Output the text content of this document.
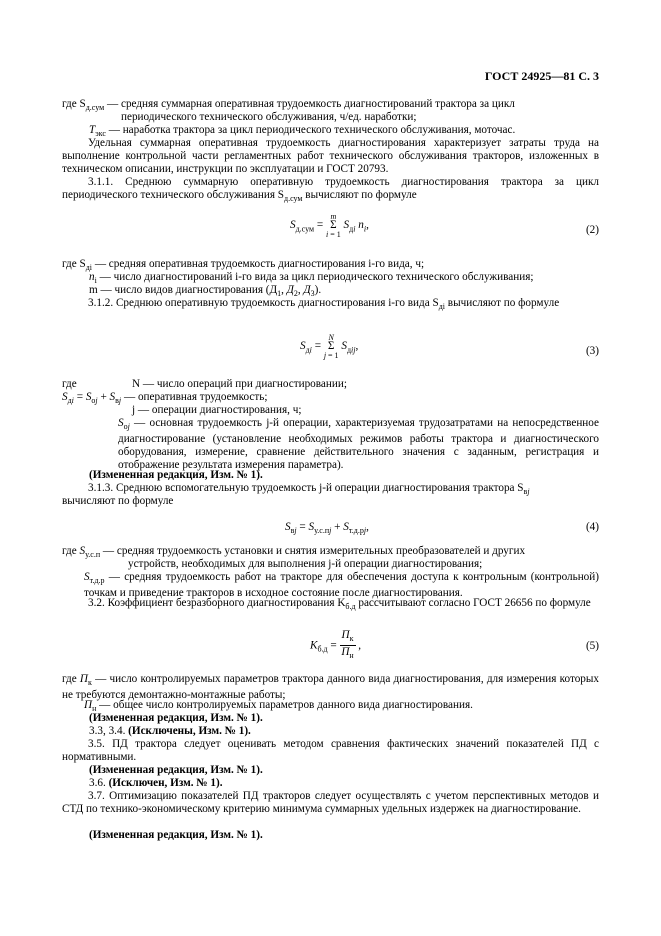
ГОСТ 24925—81 С. 3
где $S_{д.сум}$ — средняя суммарная оперативная трудоемкость диагностирований трактора за цикл
периодического технического обслуживания, ч/ед. наработки;
$T_{экс}$ — наработка трактора за цикл периодического технического обслуживания, моточас.
Удельная суммарная оперативная трудоемкость диагностирования характеризует затраты труда на выполнение контрольной части регламентных работ технического обслуживания тракторов, изложенных в техническом описании, инструкции по эксплуатации и ГОСТ 20793.
3.1.1. Среднюю суммарную оперативную трудоемкость диагностирования трактора за цикл периодического технического обслуживания $S_{д.сум}$ вычисляют по формуле
$S_{д.сум} = m$
Σ
i = 1 $S_{дi}$ $n_i$,	(2)
где $S_{дi}$ — средняя оперативная трудоемкость диагностирования i-го вида, ч;
$n_i$ — число диагностирований i-го вида за цикл периодического технического обслуживания;
m — число видов диагностирования ($Д_1$, $Д_2$, $Д_3$).
3.1.2. Среднюю оперативную трудоемкость диагностирования i-го вида $S_{дi}$ вычисляют по формуле
$S_{дi} = N$
Σ
j = 1 $S_{дij}$,	(3)
где	N — число операций при диагностировании;
$S_{дi} = S_{оj} + S_{вj}$ — оперативная трудоемкость;
j — операции диагностирования, ч;
$S_{оj}$ — основная трудоемкость j-й операции, характеризуемая трудозатратами на непосредственное диагностирование (установление необходимых режимов работы трактора и диагностического оборудования, измерение, сравнение действительного значения с заданным, регистрация и отображение результата измерения параметра).
(Измененная редакция, Изм. № 1).
3.1.3. Среднюю вспомогательную трудоемкость j-й операции диагностирования трактора $S_{вj}$
вычисляют по формуле
$S_{вj} = S_{у.с.пj} + S_{т.д.рj}$,	(4)
где $S_{у.с.п}$ — средняя трудоемкость установки и снятия измерительных преобразователей и других
устройств, необходимых для выполнения j-й операции диагностирования;
$S_{т.д.р}$ — средняя трудоемкость работ на тракторе для обеспечения доступа к контрольным (контрольной) точкам и приведение тракторов в исходное состояние после диагностирования.
3.2. Коэффициент безразборного диагностирования $K_{б.д}$ рассчитывают согласно ГОСТ 26656 по формуле
$K_{б.д}$ =
$П_к$
$П_н$
,	(5)
где $П_к$ — число контролируемых параметров трактора данного вида диагностирования, для измерения которых не требуются демонтажно-монтажные работы;
$П_н$ — общее число контролируемых параметров данного вида диагностирования.
(Измененная редакция, Изм. № 1).
3.3, 3.4. (Исключены, Изм. № 1).
3.5. ПД трактора следует оценивать методом сравнения фактических значений показателей ПД с нормативными.
(Измененная редакция, Изм. № 1).
3.6. (Исключен, Изм. № 1).
3.7. Оптимизацию показателей ПД тракторов следует осуществлять с учетом перспективных методов и СТД по технико-экономическому критерию минимума суммарных удельных издержек на диагностирование.
(Измененная редакция, Изм. № 1).
